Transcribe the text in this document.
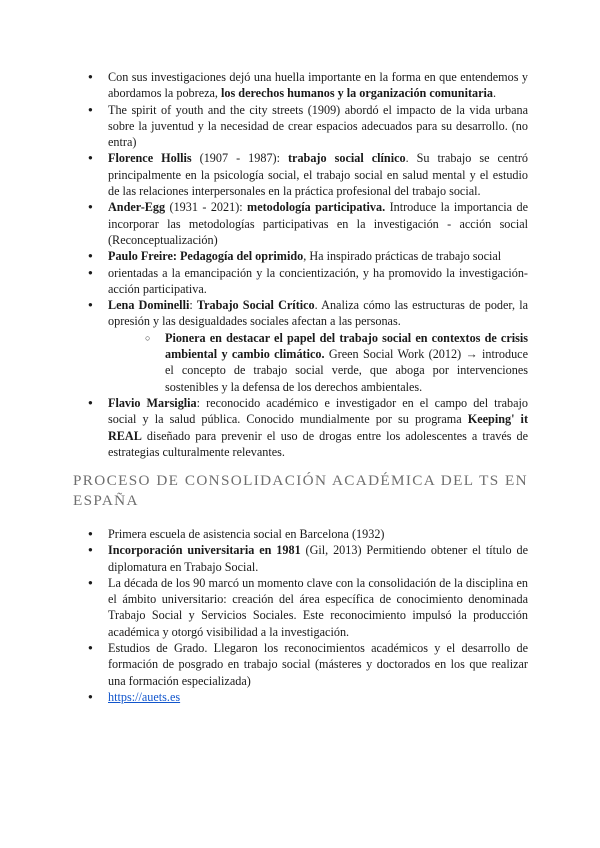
● Con sus investigaciones dejó una huella importante en la forma en que entendemos y abordamos la pobreza, los derechos humanos y la organización comunitaria.
● The spirit of youth and the city streets (1909) abordó el impacto de la vida urbana sobre la juventud y la necesidad de crear espacios adecuados para su desarrollo. (no entra)
● Florence Hollis (1907 - 1987): trabajo social clínico. Su trabajo se centró principalmente en la psicología social, el trabajo social en salud mental y el estudio de las relaciones interpersonales en la práctica profesional del trabajo social.
● Ander-Egg (1931 - 2021): metodología participativa. Introduce la importancia de incorporar las metodologías participativas en la investigación - acción social (Reconceptualización)
● Paulo Freire: Pedagogía del oprimido, Ha inspirado prácticas de trabajo social
● orientadas a la emancipación y la concientización, y ha promovido la investigación-acción participativa.
● Lena Dominelli: Trabajo Social Crítico. Analiza cómo las estructuras de poder, la opresión y las desigualdades sociales afectan a las personas.
○ Pionera en destacar el papel del trabajo social en contextos de crisis ambiental y cambio climático. Green Social Work (2012) → introduce el concepto de trabajo social verde, que aboga por intervenciones sostenibles y la defensa de los derechos ambientales.
● Flavio Marsiglia: reconocido académico e investigador en el campo del trabajo social y la salud pública. Conocido mundialmente por su programa Keeping' it REAL diseñado para prevenir el uso de drogas entre los adolescentes a través de estrategias culturalmente relevantes.
PROCESO DE CONSOLIDACIÓN ACADÉMICA DEL TS EN ESPAÑA
● Primera escuela de asistencia social en Barcelona (1932)
● Incorporación universitaria en 1981 (Gil, 2013) Permitiendo obtener el título de diplomatura en Trabajo Social.
● La década de los 90 marcó un momento clave con la consolidación de la disciplina en el ámbito universitario: creación del área específica de conocimiento denominada Trabajo Social y Servicios Sociales. Este reconocimiento impulsó la producción académica y otorgó visibilidad a la investigación.
● Estudios de Grado. Llegaron los reconocimientos académicos y el desarrollo de formación de posgrado en trabajo social (másteres y doctorados en los que realizar una formación especializada)
● https://auets.es
